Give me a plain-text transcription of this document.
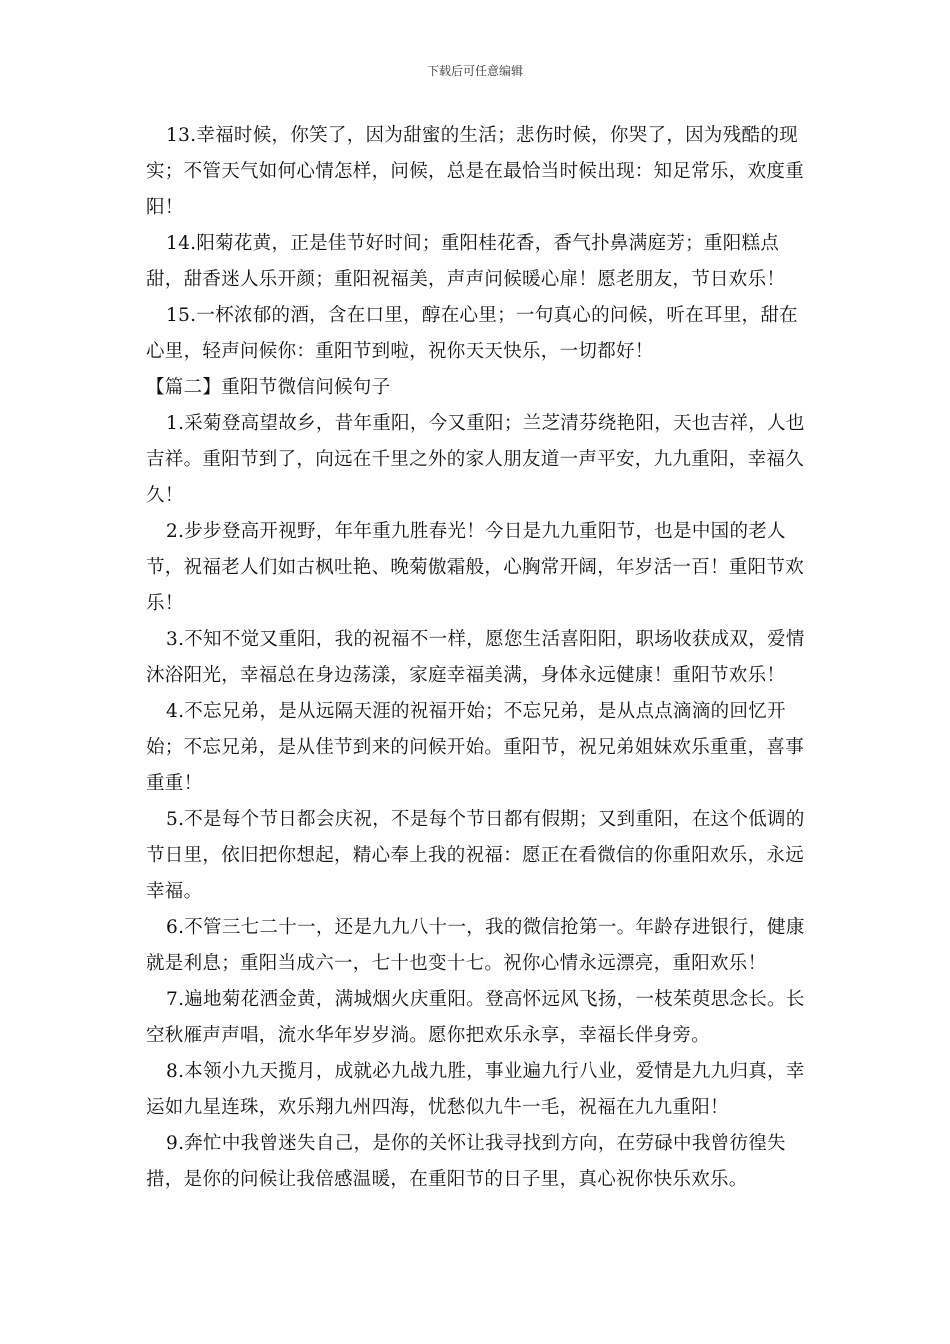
下载后可任意编辑

13.幸福时候，你笑了，因为甜蜜的生活；悲伤时候，你哭了，因为残酷的现实；不管天气如何心情怎样，问候，总是在最恰当时候出现：知足常乐，欢度重阳！

14.阳菊花黄，正是佳节好时间；重阳桂花香，香气扑鼻满庭芳；重阳糕点甜，甜香迷人乐开颜；重阳祝福美，声声问候暖心扉！愿老朋友，节日欢乐！

15.一杯浓郁的酒，含在口里，醇在心里；一句真心的问候，听在耳里，甜在心里，轻声问候你：重阳节到啦，祝你天天快乐，一切都好！

【篇二】重阳节微信问候句子

1.采菊登高望故乡，昔年重阳，今又重阳；兰芝清芬绕艳阳，天也吉祥，人也吉祥。重阳节到了，向远在千里之外的家人朋友道一声平安，九九重阳，幸福久久！

2.步步登高开视野，年年重九胜春光！今日是九九重阳节，也是中国的老人节，祝福老人们如古枫吐艳、晚菊傲霜般，心胸常开阔，年岁活一百！重阳节欢乐！

3.不知不觉又重阳，我的祝福不一样，愿您生活喜阳阳，职场收获成双，爱情沐浴阳光，幸福总在身边荡漾，家庭幸福美满，身体永远健康！重阳节欢乐！

4.不忘兄弟，是从远隔天涯的祝福开始；不忘兄弟，是从点点滴滴的回忆开始；不忘兄弟，是从佳节到来的问候开始。重阳节，祝兄弟姐妹欢乐重重，喜事重重！

5.不是每个节日都会庆祝，不是每个节日都有假期；又到重阳，在这个低调的节日里，依旧把你想起，精心奉上我的祝福：愿正在看微信的你重阳欢乐，永远幸福。

6.不管三七二十一，还是九九八十一，我的微信抢第一。年龄存进银行，健康就是利息；重阳当成六一，七十也变十七。祝你心情永远漂亮，重阳欢乐！

7.遍地菊花洒金黄，满城烟火庆重阳。登高怀远风飞扬，一枝茱萸思念长。长空秋雁声声唱，流水华年岁岁淌。愿你把欢乐永享，幸福长伴身旁。

8.本领小九天揽月，成就必九战九胜，事业遍九行八业，爱情是九九归真，幸运如九星连珠，欢乐翔九州四海，忧愁似九牛一毛，祝福在九九重阳！

9.奔忙中我曾迷失自己，是你的关怀让我寻找到方向，在劳碌中我曾彷徨失措，是你的问候让我倍感温暖，在重阳节的日子里，真心祝你快乐欢乐。
